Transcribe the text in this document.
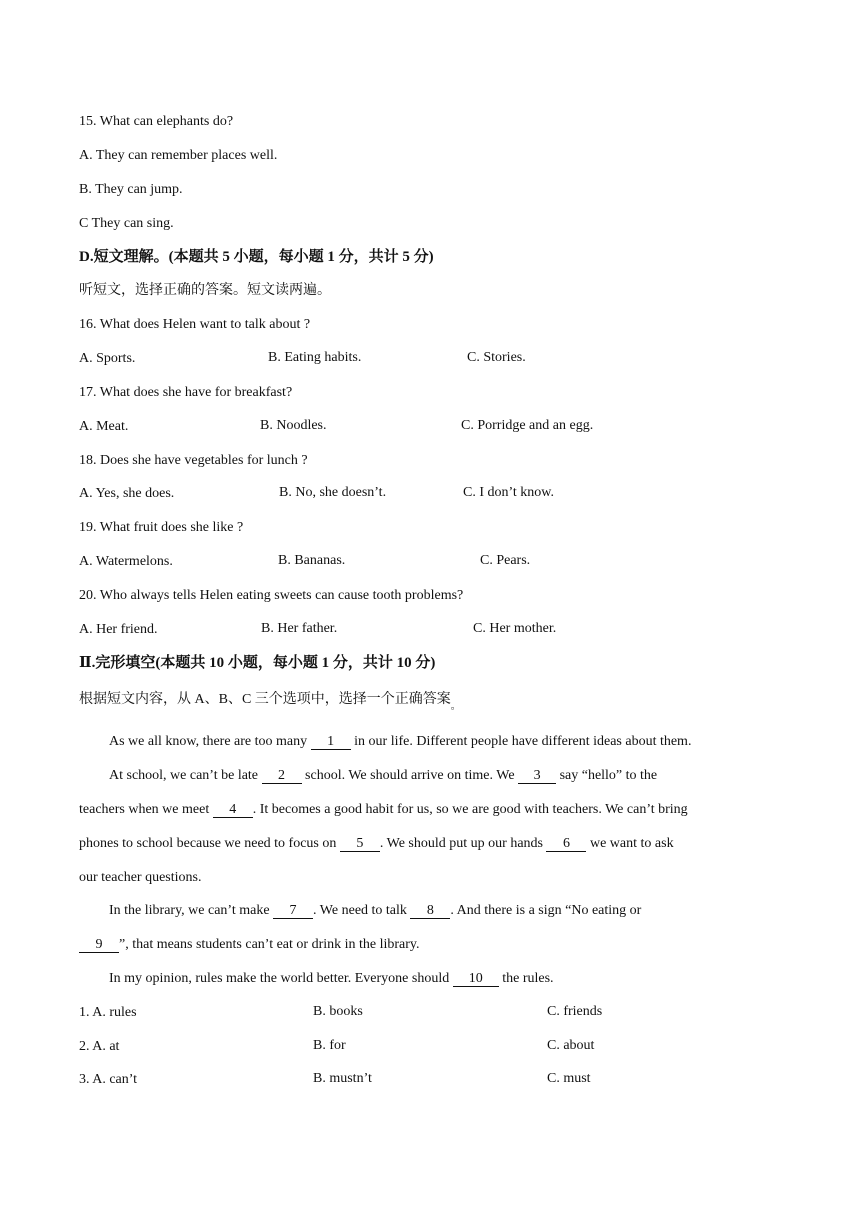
15. What can elephants do?
A. They can remember places well.
B. They can jump.
C They can sing.
D.短文理解。(本题共 5 小题，每小题 1 分，共计 5 分)
听短文，选择正确的答案。短文读两遍。
16. What does Helen want to talk about ?
A. Sports.	B. Eating habits.	C. Stories.
17. What does she have for breakfast?
A. Meat.	B. Noodles.	C. Porridge and an egg.
18. Does she have vegetables for lunch ?
A. Yes, she does.	B. No, she doesn’t.	C. I don’t know.
19. What fruit does she like ?
A. Watermelons.	B. Bananas.	C. Pears.
20. Who always tells Helen eating sweets can cause tooth problems?
A. Her friend.	B. Her father.	C. Her mother.
Ⅱ.完形填空(本题共 10 小题，每小题 1 分，共计 10 分)
根据短文内容，从 A、B、C 三个选项中，选择一个正确答案$_。$
As we all know, there are too many 1 in our life. Different people have different ideas about them.
At school, we can’t be late 2 school. We should arrive on time. We 3 say “hello” to the
teachers when we meet 4 . It becomes a good habit for us, so we are good with teachers. We can’t bring
phones to school because we need to focus on 5 . We should put up our hands 6 we want to ask
our teacher questions.
In the library, we can’t make 7 . We need to talk 8 . And there is a sign “No eating or
9 ”, that means students can’t eat or drink in the library.
In my opinion, rules make the world better. Everyone should 10 the rules.
1. A. rules	B. books	C. friends
2. A. at	B. for	C. about
3. A. can’t	B. mustn’t	C. must
